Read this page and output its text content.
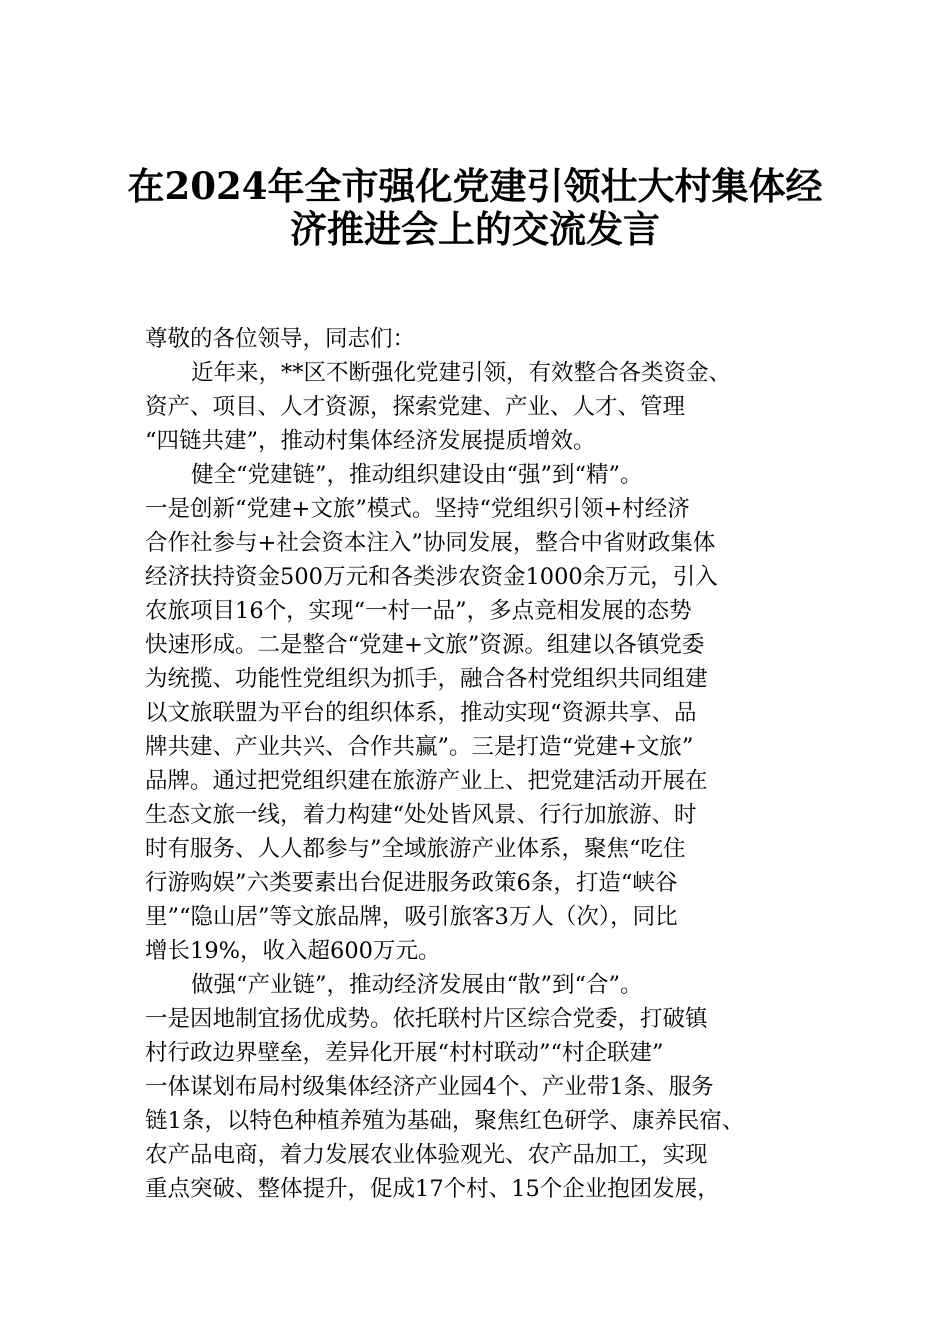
在2024年全市强化党建引领壮大村集体经
济推进会上的交流发言
尊敬的各位领导，同志们：
近年来，**区不断强化党建引领，有效整合各类资金、
资产、项目、人才资源，探索党建、产业、人才、管理
“四链共建”，推动村集体经济发展提质增效。
健全“党建链”，推动组织建设由“强”到“精”。
一是创新“党建+文旅”模式。坚持“党组织引领+村经济
合作社参与+社会资本注入”协同发展，整合中省财政集体
经济扶持资金500万元和各类涉农资金1000余万元，引入
农旅项目16个，实现“一村一品”，多点竞相发展的态势
快速形成。二是整合“党建+文旅”资源。组建以各镇党委
为统揽、功能性党组织为抓手，融合各村党组织共同组建
以文旅联盟为平台的组织体系，推动实现“资源共享、品
牌共建、产业共兴、合作共赢”。三是打造“党建+文旅”
品牌。通过把党组织建在旅游产业上、把党建活动开展在
生态文旅一线，着力构建“处处皆风景、行行加旅游、时
时有服务、人人都参与”全域旅游产业体系，聚焦“吃住
行游购娱”六类要素出台促进服务政策6条，打造“峡谷
里”“隐山居”等文旅品牌，吸引旅客3万人（次），同比
增长19%，收入超600万元。
做强“产业链”，推动经济发展由“散”到“合”。
一是因地制宜扬优成势。依托联村片区综合党委，打破镇
村行政边界壁垒，差异化开展“村村联动”“村企联建”
一体谋划布局村级集体经济产业园4个、产业带1条、服务
链1条，以特色种植养殖为基础，聚焦红色研学、康养民宿、
农产品电商，着力发展农业体验观光、农产品加工，实现
重点突破、整体提升，促成17个村、15个企业抱团发展，
